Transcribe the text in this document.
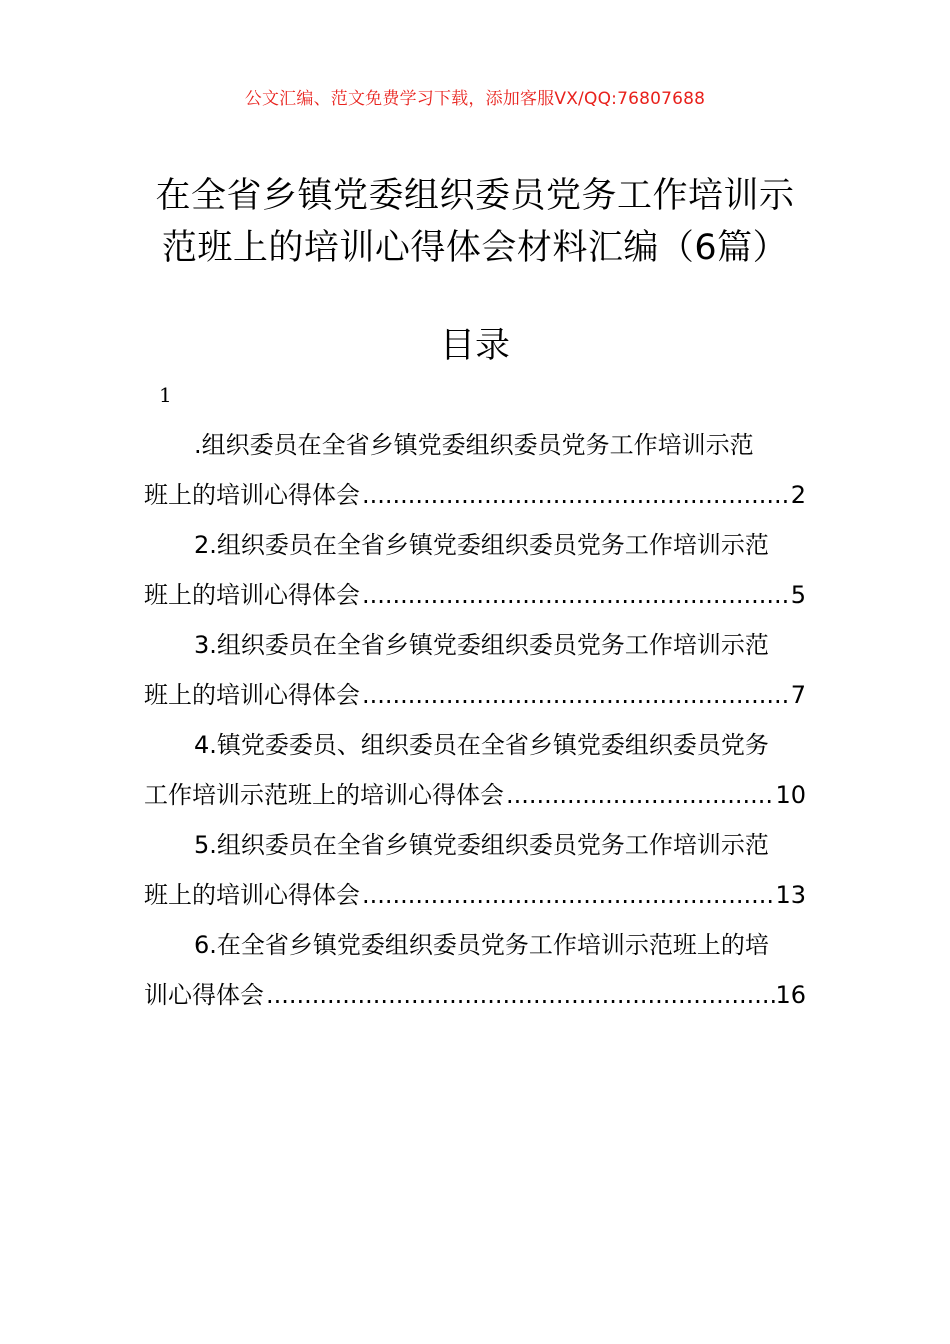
公文汇编、范文免费学习下载，添加客服VX/QQ:76807688
在全省乡镇党委组织委员党务工作培训示
范班上的培训心得体会材料汇编（6篇）
目录
1
.组织委员在全省乡镇党委组织委员党务工作培训示范
班上的培训心得体会 .....	2
2.组织委员在全省乡镇党委组织委员党务工作培训示范
班上的培训心得体会 .....	5
3.组织委员在全省乡镇党委组织委员党务工作培训示范
班上的培训心得体会 .....	7
4.镇党委委员、组织委员在全省乡镇党委组织委员党务
工作培训示范班上的培训心得体会 .....	10
5.组织委员在全省乡镇党委组织委员党务工作培训示范
班上的培训心得体会 .....	13
6.在全省乡镇党委组织委员党务工作培训示范班上的培
训心得体会 .....	16
